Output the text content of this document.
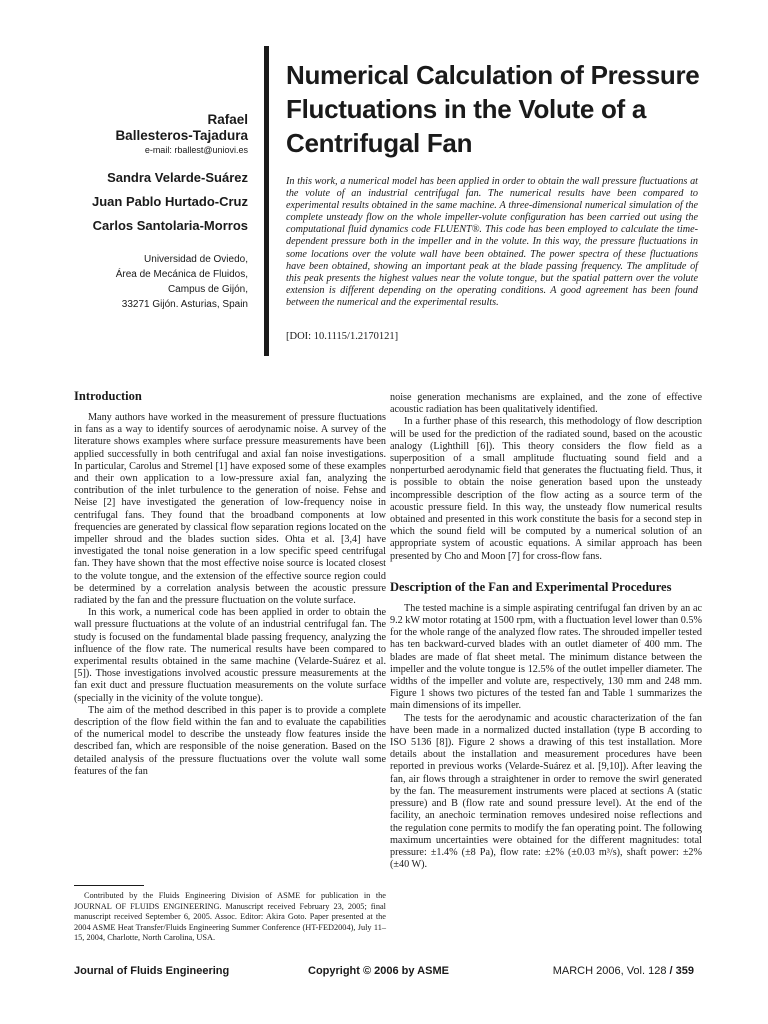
Rafael

Ballesteros-Tajadura

e-mail: rballest@uniovi.es

Sandra Velarde-Suárez
Juan Pablo Hurtado-Cruz
Carlos Santolaria-Morros
Universidad de Oviedo,
Área de Mecánica de Fluidos,
Campus de Gijón,
33271 Gijón. Asturias, Spain
Numerical Calculation of Pressure Fluctuations in the Volute of a Centrifugal Fan

In this work, a numerical model has been applied in order to obtain the wall pressure fluctuations at the volute of an industrial centrifugal fan. The numerical results have been compared to experimental results obtained in the same machine. A three-dimensional numerical simulation of the complete unsteady flow on the whole impeller-volute configuration has been carried out using the computational fluid dynamics code FLUENT®. This code has been employed to calculate the time-dependent pressure both in the impeller and in the volute. In this way, the pressure fluctuations in some locations over the volute wall have been obtained. The power spectra of these fluctuations have been obtained, showing an important peak at the blade passing frequency. The amplitude of this peak presents the highest values near the volute tongue, but the spatial pattern over the volute extension is different depending on the operating conditions. A good agreement has been found between the numerical and the experimental results.

[DOI: 10.1115/1.2170121]

Introduction

Many authors have worked in the measurement of pressure fluctuations in fans as a way to identify sources of aerodynamic noise. A survey of the literature shows examples where surface pressure measurements have been applied successfully in both centrifugal and axial fan noise investigations. In particular, Carolus and Stremel [1] have exposed some of these examples and their own application to a low-pressure axial fan, analyzing the contribution of the inlet turbulence to the generation of noise. Fehse and Neise [2] have investigated the generation of low-frequency noise in centrifugal fans. They found that the broadband components at low frequencies are generated by classical flow separation regions located on the impeller shroud and the blades suction sides. Ohta et al. [3,4] have investigated the tonal noise generation in a low specific speed centrifugal fan. They have shown that the most effective noise source is located closest to the volute tongue, and the extension of the effective source region could be determined by a correlation analysis between the acoustic pressure radiated by the fan and the pressure fluctuation on the volute surface.

In this work, a numerical code has been applied in order to obtain the wall pressure fluctuations at the volute of an industrial centrifugal fan. The study is focused on the fundamental blade passing frequency, analyzing the influence of the flow rate. The numerical results have been compared to experimental results obtained in the same machine (Velarde-Suárez et al. [5]). Those investigations involved acoustic pressure measurements at the fan exit duct and pressure fluctuation measurements on the volute surface (specially in the vicinity of the volute tongue).

The aim of the method described in this paper is to provide a complete description of the flow field within the fan and to evaluate the capabilities of the numerical model to describe the unsteady flow features inside the described fan, which are responsible of the noise generation. Based on the detailed analysis of the pressure fluctuations over the volute wall some features of the fan

Contributed by the Fluids Engineering Division of ASME for publication in the JOURNAL OF FLUIDS ENGINEERING. Manuscript received February 23, 2005; final manuscript received September 6, 2005. Assoc. Editor: Akira Goto. Paper presented at the 2004 ASME Heat Transfer/Fluids Engineering Summer Conference (HT-FED2004), July 11–15, 2004, Charlotte, North Carolina, USA.

noise generation mechanisms are explained, and the zone of effective acoustic radiation has been qualitatively identified.

In a further phase of this research, this methodology of flow description will be used for the prediction of the radiated sound, based on the acoustic analogy (Lighthill [6]). This theory considers the flow field as a superposition of a small amplitude fluctuating sound field and a nonperturbed aerodynamic field that generates the fluctuating field. Thus, it is possible to obtain the noise generation based upon the unsteady incompressible description of the flow acting as a source term of the acoustic pressure field. In this way, the unsteady flow numerical results obtained and presented in this work constitute the basis for a second step in which the sound field will be computed by a numerical solution of an appropriate system of acoustic equations. A similar approach has been presented by Cho and Moon [7] for cross-flow fans.

Description of the Fan and Experimental Procedures

The tested machine is a simple aspirating centrifugal fan driven by an ac 9.2 kW motor rotating at 1500 rpm, with a fluctuation level lower than 0.5% for the whole range of the analyzed flow rates. The shrouded impeller tested has ten backward-curved blades with an outlet diameter of 400 mm. The blades are made of flat sheet metal. The minimum distance between the impeller and the volute tongue is 12.5% of the outlet impeller diameter. The widths of the impeller and volute are, respectively, 130 mm and 248 mm. Figure 1 shows two pictures of the tested fan and Table 1 summarizes the main dimensions of its impeller.

The tests for the aerodynamic and acoustic characterization of the fan have been made in a normalized ducted installation (type B according to ISO 5136 [8]). Figure 2 shows a drawing of this test installation. More details about the installation and measurement procedures have been reported in previous works (Velarde-Suárez et al. [9,10]). After leaving the fan, air flows through a straightener in order to remove the swirl generated by the fan. The measurement instruments were placed at sections A (static pressure) and B (flow rate and sound pressure level). At the end of the facility, an anechoic termination removes undesired noise reflections and the regulation cone permits to modify the fan operating point. The following maximum uncertainties were obtained for the different magnitudes: total pressure: ±1.4% (±8 Pa), flow rate: ±2% (±0.03 m³/s), shaft power: ±2% (±40 W).

Journal of Fluids Engineering	Copyright © 2006 by ASME	MARCH 2006, Vol. 128 / 359
